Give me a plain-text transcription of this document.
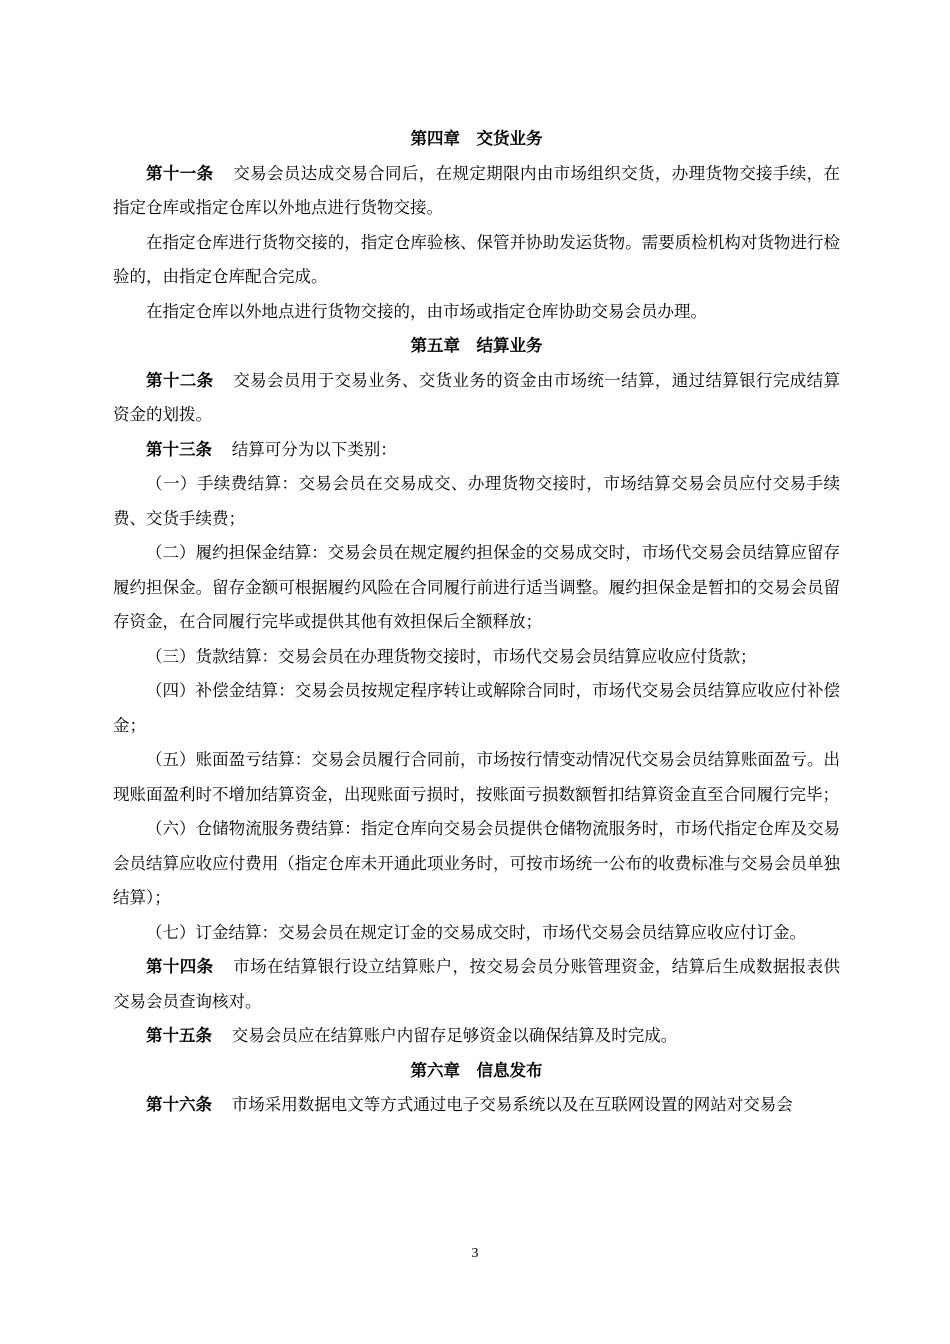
第四章　交货业务

第十一条 交易会员达成交易合同后，在规定期限内由市场组织交货，办理货物交接手续，在指定仓库或指定仓库以外地点进行货物交接。

在指定仓库进行货物交接的，指定仓库验核、保管并协助发运货物。需要质检机构对货物进行检验的，由指定仓库配合完成。

在指定仓库以外地点进行货物交接的，由市场或指定仓库协助交易会员办理。

第五章　结算业务

第十二条 交易会员用于交易业务、交货业务的资金由市场统一结算，通过结算银行完成结算资金的划拨。

第十三条 结算可分为以下类别：

（一）手续费结算：交易会员在交易成交、办理货物交接时，市场结算交易会员应付交易手续费、交货手续费；

（二）履约担保金结算：交易会员在规定履约担保金的交易成交时，市场代交易会员结算应留存履约担保金。留存金额可根据履约风险在合同履行前进行适当调整。履约担保金是暂扣的交易会员留存资金，在合同履行完毕或提供其他有效担保后全额释放；

（三）货款结算：交易会员在办理货物交接时，市场代交易会员结算应收应付货款；

（四）补偿金结算：交易会员按规定程序转让或解除合同时，市场代交易会员结算应收应付补偿金；

（五）账面盈亏结算：交易会员履行合同前，市场按行情变动情况代交易会员结算账面盈亏。出现账面盈利时不增加结算资金，出现账面亏损时，按账面亏损数额暂扣结算资金直至合同履行完毕；

（六）仓储物流服务费结算：指定仓库向交易会员提供仓储物流服务时，市场代指定仓库及交易会员结算应收应付费用（指定仓库未开通此项业务时，可按市场统一公布的收费标准与交易会员单独结算）；

（七）订金结算：交易会员在规定订金的交易成交时，市场代交易会员结算应收应付订金。

第十四条 市场在结算银行设立结算账户，按交易会员分账管理资金，结算后生成数据报表供交易会员查询核对。

第十五条 交易会员应在结算账户内留存足够资金以确保结算及时完成。

第六章　信息发布

第十六条 市场采用数据电文等方式通过电子交易系统以及在互联网设置的网站对交易会

3
